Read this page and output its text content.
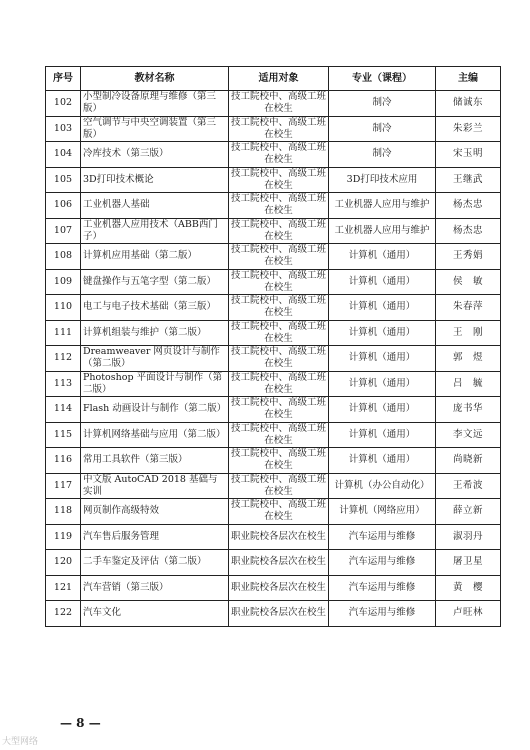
序号	教材名称	适用对象	专业（课程）	主编
102	小型制冷设备原理与维修（第三版）	技工院校中、高级工班在校生	制冷	储诚东
103	空气调节与中央空调装置（第三版）	技工院校中、高级工班在校生	制冷	朱彩兰
104	冷库技术（第三版）	技工院校中、高级工班在校生	制冷	宋玉明
105	3D打印技术概论	技工院校中、高级工班在校生	3D打印技术应用	王继武
106	工业机器人基础	技工院校中、高级工班在校生	工业机器人应用与维护	杨杰忠
107	工业机器人应用技术（ABB西门子）	技工院校中、高级工班在校生	工业机器人应用与维护	杨杰忠
108	计算机应用基础（第二版）	技工院校中、高级工班在校生	计算机（通用）	王秀娟
109	键盘操作与五笔字型（第二版）	技工院校中、高级工班在校生	计算机（通用）	侯　敏
110	电工与电子技术基础（第三版）	技工院校中、高级工班在校生	计算机（通用）	朱春萍
111	计算机组装与维护（第二版）	技工院校中、高级工班在校生	计算机（通用）	王　刚
112	Dreamweaver 网页设计与制作（第二版）	技工院校中、高级工班在校生	计算机（通用）	郭　煜
113	Photoshop 平面设计与制作（第二版）	技工院校中、高级工班在校生	计算机（通用）	吕　毓
114	Flash 动画设计与制作（第二版）	技工院校中、高级工班在校生	计算机（通用）	庞书华
115	计算机网络基础与应用（第二版）	技工院校中、高级工班在校生	计算机（通用）	李文远
116	常用工具软件（第三版）	技工院校中、高级工班在校生	计算机（通用）	尚晓新
117	中文版 AutoCAD 2018 基础与实训	技工院校中、高级工班在校生	计算机（办公自动化）	王希波
118	网页制作高级特效	技工院校中、高级工班在校生	计算机（网络应用）	薛立新
119	汽车售后服务管理	职业院校各层次在校生	汽车运用与维修	淑羽丹
120	二手车鉴定及评估（第二版）	职业院校各层次在校生	汽车运用与维修	屠卫星
121	汽车营销（第三版）	职业院校各层次在校生	汽车运用与维修	黄　樱
122	汽车文化	职业院校各层次在校生	汽车运用与维修	卢旺林
— 8 —
大型网络
